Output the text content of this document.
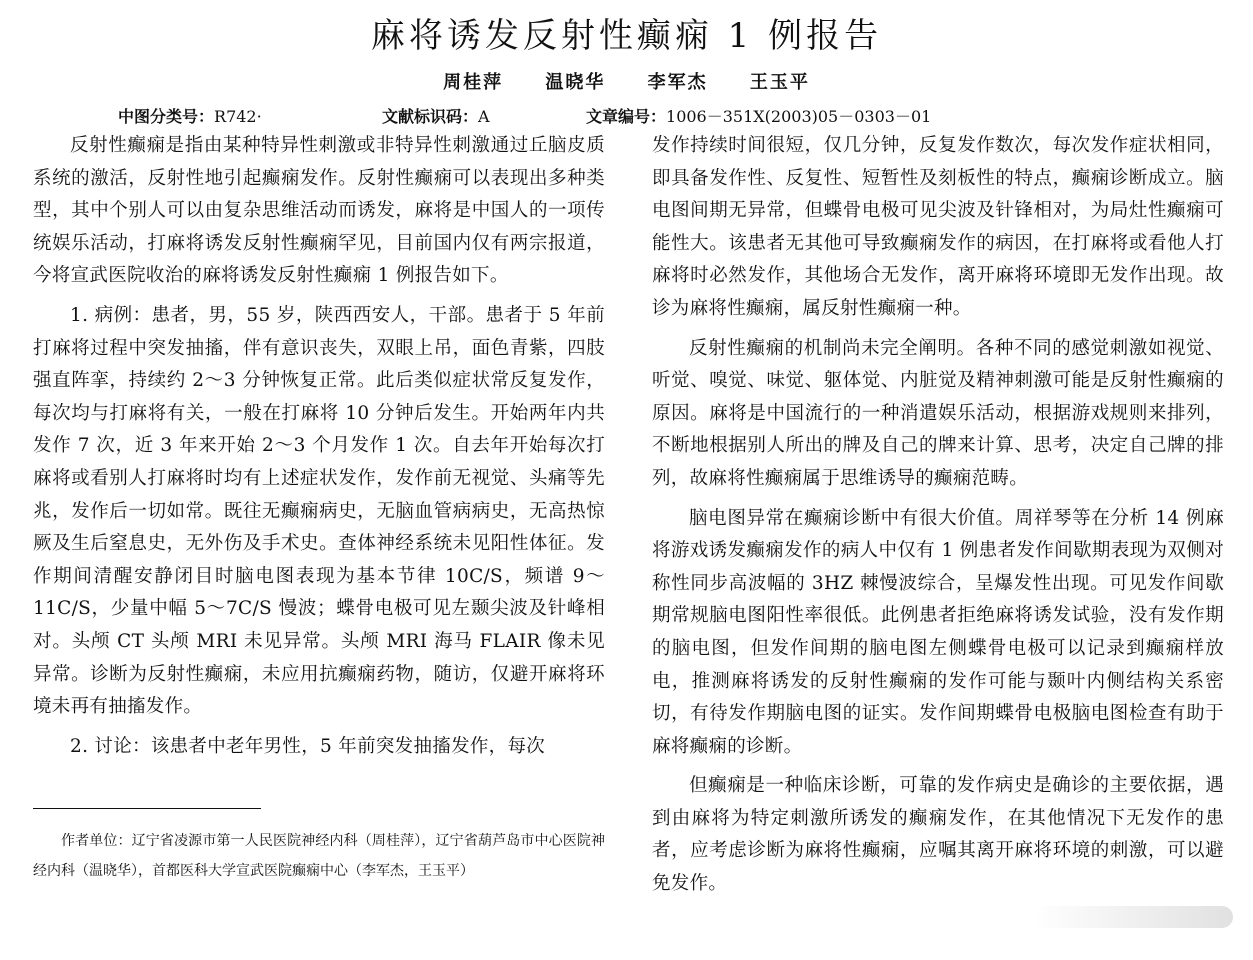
麻将诱发反射性癫痫 1 例报告
周桂萍 温晓华 李军杰 王玉平
中图分类号：R742·	文献标识码：A	文章编号：1006－351X(2003)05－0303－01

反射性癫痫是指由某种特异性刺激或非特异性刺激通过丘脑皮质系统的激活，反射性地引起癫痫发作。反射性癫痫可以表现出多种类型，其中个别人可以由复杂思维活动而诱发，麻将是中国人的一项传统娱乐活动，打麻将诱发反射性癫痫罕见，目前国内仅有两宗报道，今将宣武医院收治的麻将诱发反射性癫痫 1 例报告如下。

1. 病例：患者，男，55 岁，陕西西安人，干部。患者于 5 年前打麻将过程中突发抽搐，伴有意识丧失，双眼上吊，面色青紫，四肢强直阵挛，持续约 2～3 分钟恢复正常。此后类似症状常反复发作，每次均与打麻将有关，一般在打麻将 10 分钟后发生。开始两年内共发作 7 次，近 3 年来开始 2～3 个月发作 1 次。自去年开始每次打麻将或看别人打麻将时均有上述症状发作，发作前无视觉、头痛等先兆，发作后一切如常。既往无癫痫病史，无脑血管病病史，无高热惊厥及生后窒息史，无外伤及手术史。查体神经系统未见阳性体征。发作期间清醒安静闭目时脑电图表现为基本节律 10C/S，频谱 9～11C/S，少量中幅 5～7C/S 慢波；蝶骨电极可见左颞尖波及针峰相对。头颅 CT 头颅 MRI 未见异常。头颅 MRI 海马 FLAIR 像未见异常。诊断为反射性癫痫，未应用抗癫痫药物，随访，仅避开麻将环境未再有抽搐发作。

2. 讨论：该患者中老年男性，5 年前突发抽搐发作，每次

发作持续时间很短，仅几分钟，反复发作数次，每次发作症状相同，即具备发作性、反复性、短暂性及刻板性的特点，癫痫诊断成立。脑电图间期无异常，但蝶骨电极可见尖波及针锋相对，为局灶性癫痫可能性大。该患者无其他可导致癫痫发作的病因，在打麻将或看他人打麻将时必然发作，其他场合无发作，离开麻将环境即无发作出现。故诊为麻将性癫痫，属反射性癫痫一种。

反射性癫痫的机制尚未完全阐明。各种不同的感觉刺激如视觉、听觉、嗅觉、味觉、躯体觉、内脏觉及精神刺激可能是反射性癫痫的原因。麻将是中国流行的一种消遣娱乐活动，根据游戏规则来排列，不断地根据别人所出的牌及自己的牌来计算、思考，决定自己牌的排列，故麻将性癫痫属于思维诱导的癫痫范畴。

脑电图异常在癫痫诊断中有很大价值。周祥琴等在分析 14 例麻将游戏诱发癫痫发作的病人中仅有 1 例患者发作间歇期表现为双侧对称性同步高波幅的 3HZ 棘慢波综合，呈爆发性出现。可见发作间歇期常规脑电图阳性率很低。此例患者拒绝麻将诱发试验，没有发作期的脑电图，但发作间期的脑电图左侧蝶骨电极可以记录到癫痫样放电，推测麻将诱发的反射性癫痫的发作可能与颞叶内侧结构关系密切，有待发作期脑电图的证实。发作间期蝶骨电极脑电图检查有助于麻将癫痫的诊断。

但癫痫是一种临床诊断，可靠的发作病史是确诊的主要依据，遇到由麻将为特定刺激所诱发的癫痫发作，在其他情况下无发作的患者，应考虑诊断为麻将性癫痫，应嘱其离开麻将环境的刺激，可以避免发作。

作者单位：辽宁省凌源市第一人民医院神经内科（周桂萍），辽宁省葫芦岛市中心医院神经内科（温晓华），首都医科大学宣武医院癫痫中心（李军杰，王玉平）
